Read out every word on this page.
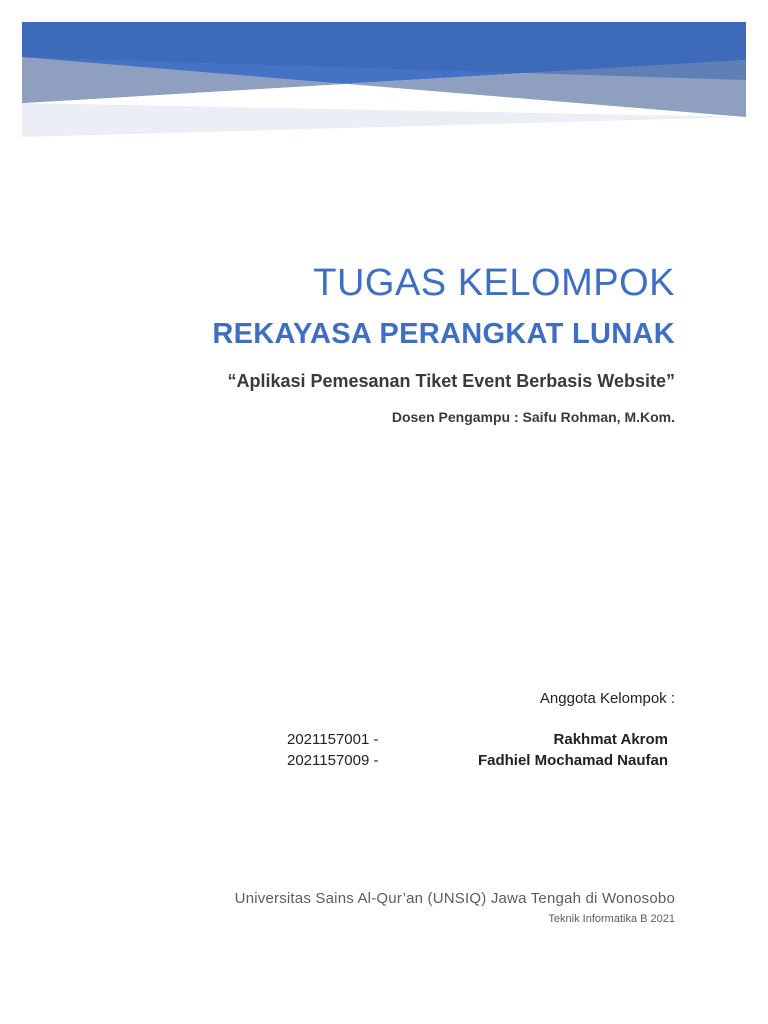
TUGAS KELOMPOK
REKAYASA PERANGKAT LUNAK
“Aplikasi Pemesanan Tiket Event Berbasis Website”
Dosen Pengampu : Saifu Rohman, M.Kom.
Anggota Kelompok :
2021157001 -	Rakhmat Akrom
2021157009 -	Fadhiel Mochamad Naufan
Universitas Sains Al-Qur’an (UNSIQ) Jawa Tengah di Wonosobo
Teknik Informatika B 2021
